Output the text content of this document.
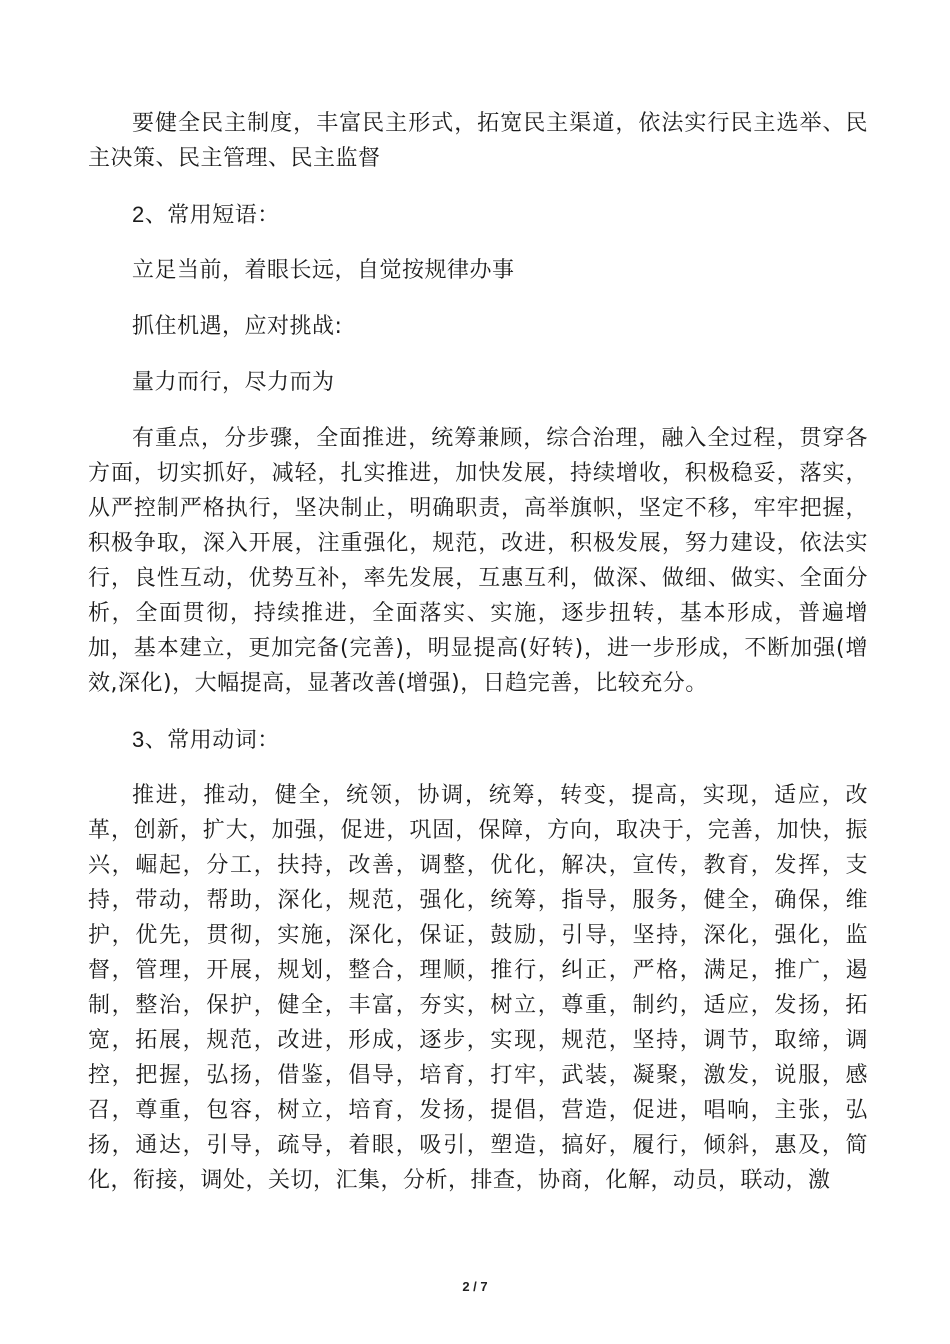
要健全民主制度，丰富民主形式，拓宽民主渠道，依法实行民主选举、民主决策、民主管理、民主监督

2、常用短语：

立足当前，着眼长远，自觉按规律办事

抓住机遇，应对挑战:

量力而行，尽力而为

有重点，分步骤，全面推进，统筹兼顾，综合治理，融入全过程，贯穿各方面，切实抓好，减轻，扎实推进，加快发展，持续增收，积极稳妥，落实，从严控制严格执行，坚决制止，明确职责，高举旗帜，坚定不移，牢牢把握，积极争取，深入开展，注重强化，规范，改进，积极发展，努力建设，依法实行，良性互动，优势互补，率先发展，互惠互利，做深、做细、做实、全面分析，全面贯彻，持续推进，全面落实、实施，逐步扭转，基本形成，普遍增加，基本建立，更加完备(完善)，明显提高(好转)，进一步形成，不断加强(增效,深化)，大幅提高，显著改善(增强)，日趋完善，比较充分。

3、常用动词：

推进，推动，健全，统领，协调，统筹，转变，提高，实现，适应，改革，创新，扩大，加强，促进，巩固，保障，方向，取决于，完善，加快，振兴，崛起，分工，扶持，改善，调整，优化，解决，宣传，教育，发挥，支持，带动，帮助，深化，规范，强化，统筹，指导，服务，健全，确保，维护，优先，贯彻，实施，深化，保证，鼓励，引导，坚持，深化，强化，监督，管理，开展，规划，整合，理顺，推行，纠正，严格，满足，推广，遏制，整治，保护，健全，丰富，夯实，树立，尊重，制约，适应，发扬，拓宽，拓展，规范，改进，形成，逐步，实现，规范，坚持，调节，取缔，调控，把握，弘扬，借鉴，倡导，培育，打牢，武装，凝聚，激发，说服，感召，尊重，包容，树立，培育，发扬，提倡，营造，促进，唱响，主张，弘扬，通达，引导，疏导，着眼，吸引，塑造，搞好，履行，倾斜，惠及，简化，衔接，调处，关切，汇集，分析，排查，协商，化解，动员，联动，激

2 / 7
